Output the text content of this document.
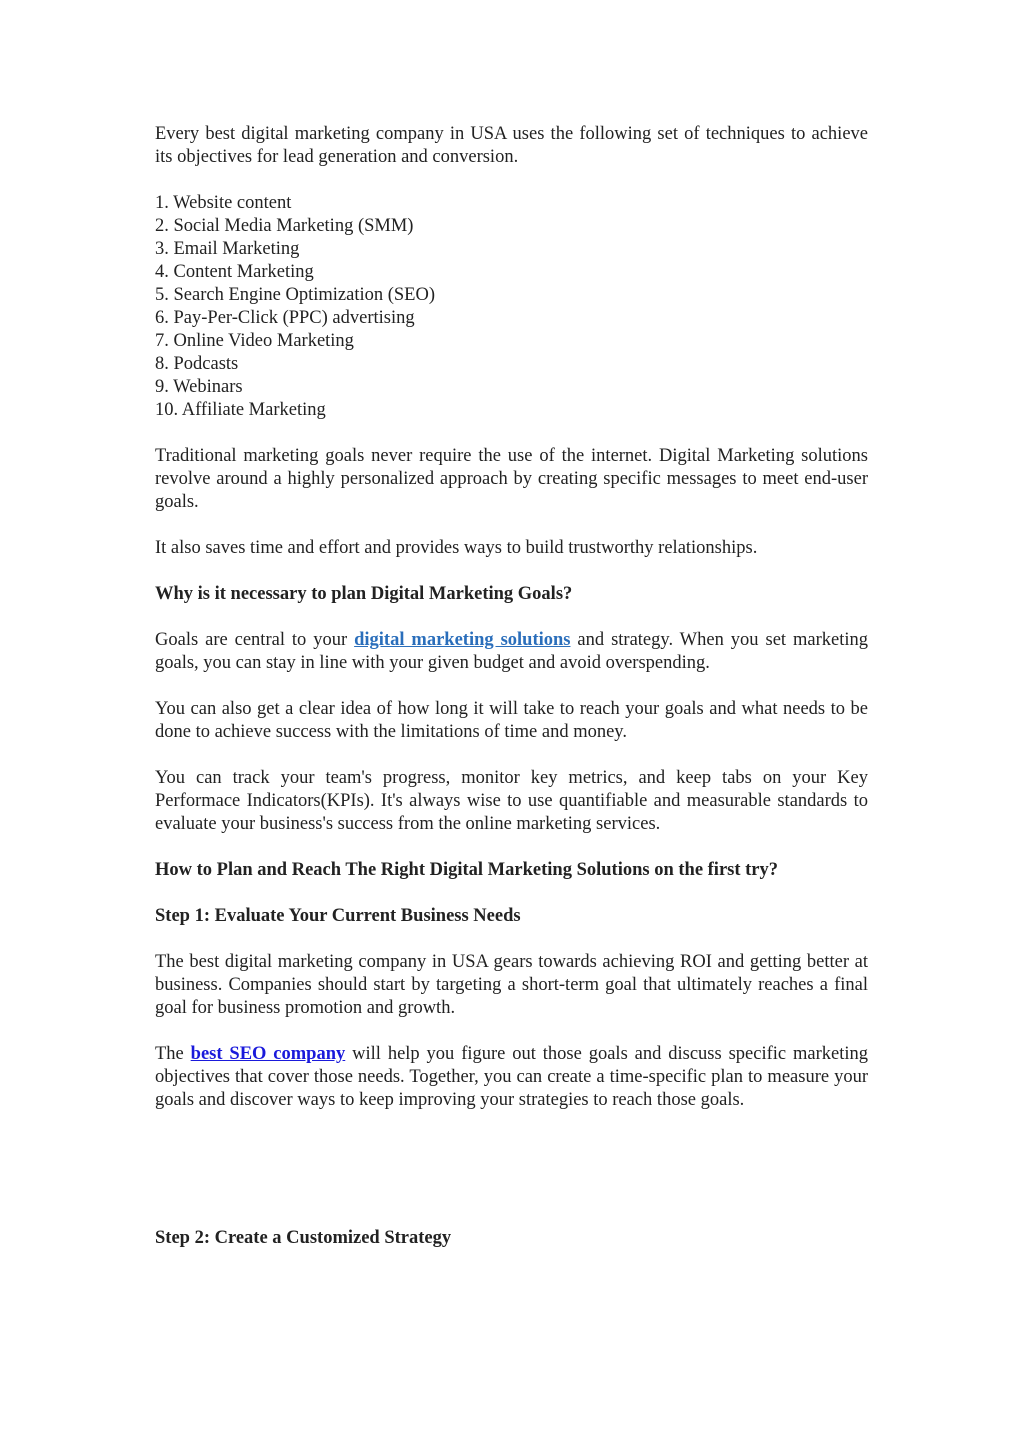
Every best digital marketing company in USA uses the following set of techniques to achieve its objectives for lead generation and conversion.

1. Website content
2. Social Media Marketing (SMM)
3. Email Marketing
4. Content Marketing
5. Search Engine Optimization (SEO)
6. Pay-Per-Click (PPC) advertising
7. Online Video Marketing
8. Podcasts
9. Webinars
10. Affiliate Marketing

Traditional marketing goals never require the use of the internet. Digital Marketing solutions revolve around a highly personalized approach by creating specific messages to meet end-user goals.

It also saves time and effort and provides ways to build trustworthy relationships.

Why is it necessary to plan Digital Marketing Goals?

Goals are central to your digital marketing solutions and strategy. When you set marketing goals, you can stay in line with your given budget and avoid overspending.

You can also get a clear idea of how long it will take to reach your goals and what needs to be done to achieve success with the limitations of time and money.

You can track your team's progress, monitor key metrics, and keep tabs on your Key Performace Indicators(KPIs). It's always wise to use quantifiable and measurable standards to evaluate your business's success from the online marketing services.

How to Plan and Reach The Right Digital Marketing Solutions on the first try?

Step 1: Evaluate Your Current Business Needs

The best digital marketing company in USA gears towards achieving ROI and getting better at business. Companies should start by targeting a short-term goal that ultimately reaches a final goal for business promotion and growth.

The best SEO company will help you figure out those goals and discuss specific marketing objectives that cover those needs. Together, you can create a time-specific plan to measure your goals and discover ways to keep improving your strategies to reach those goals.

Step 2: Create a Customized Strategy
